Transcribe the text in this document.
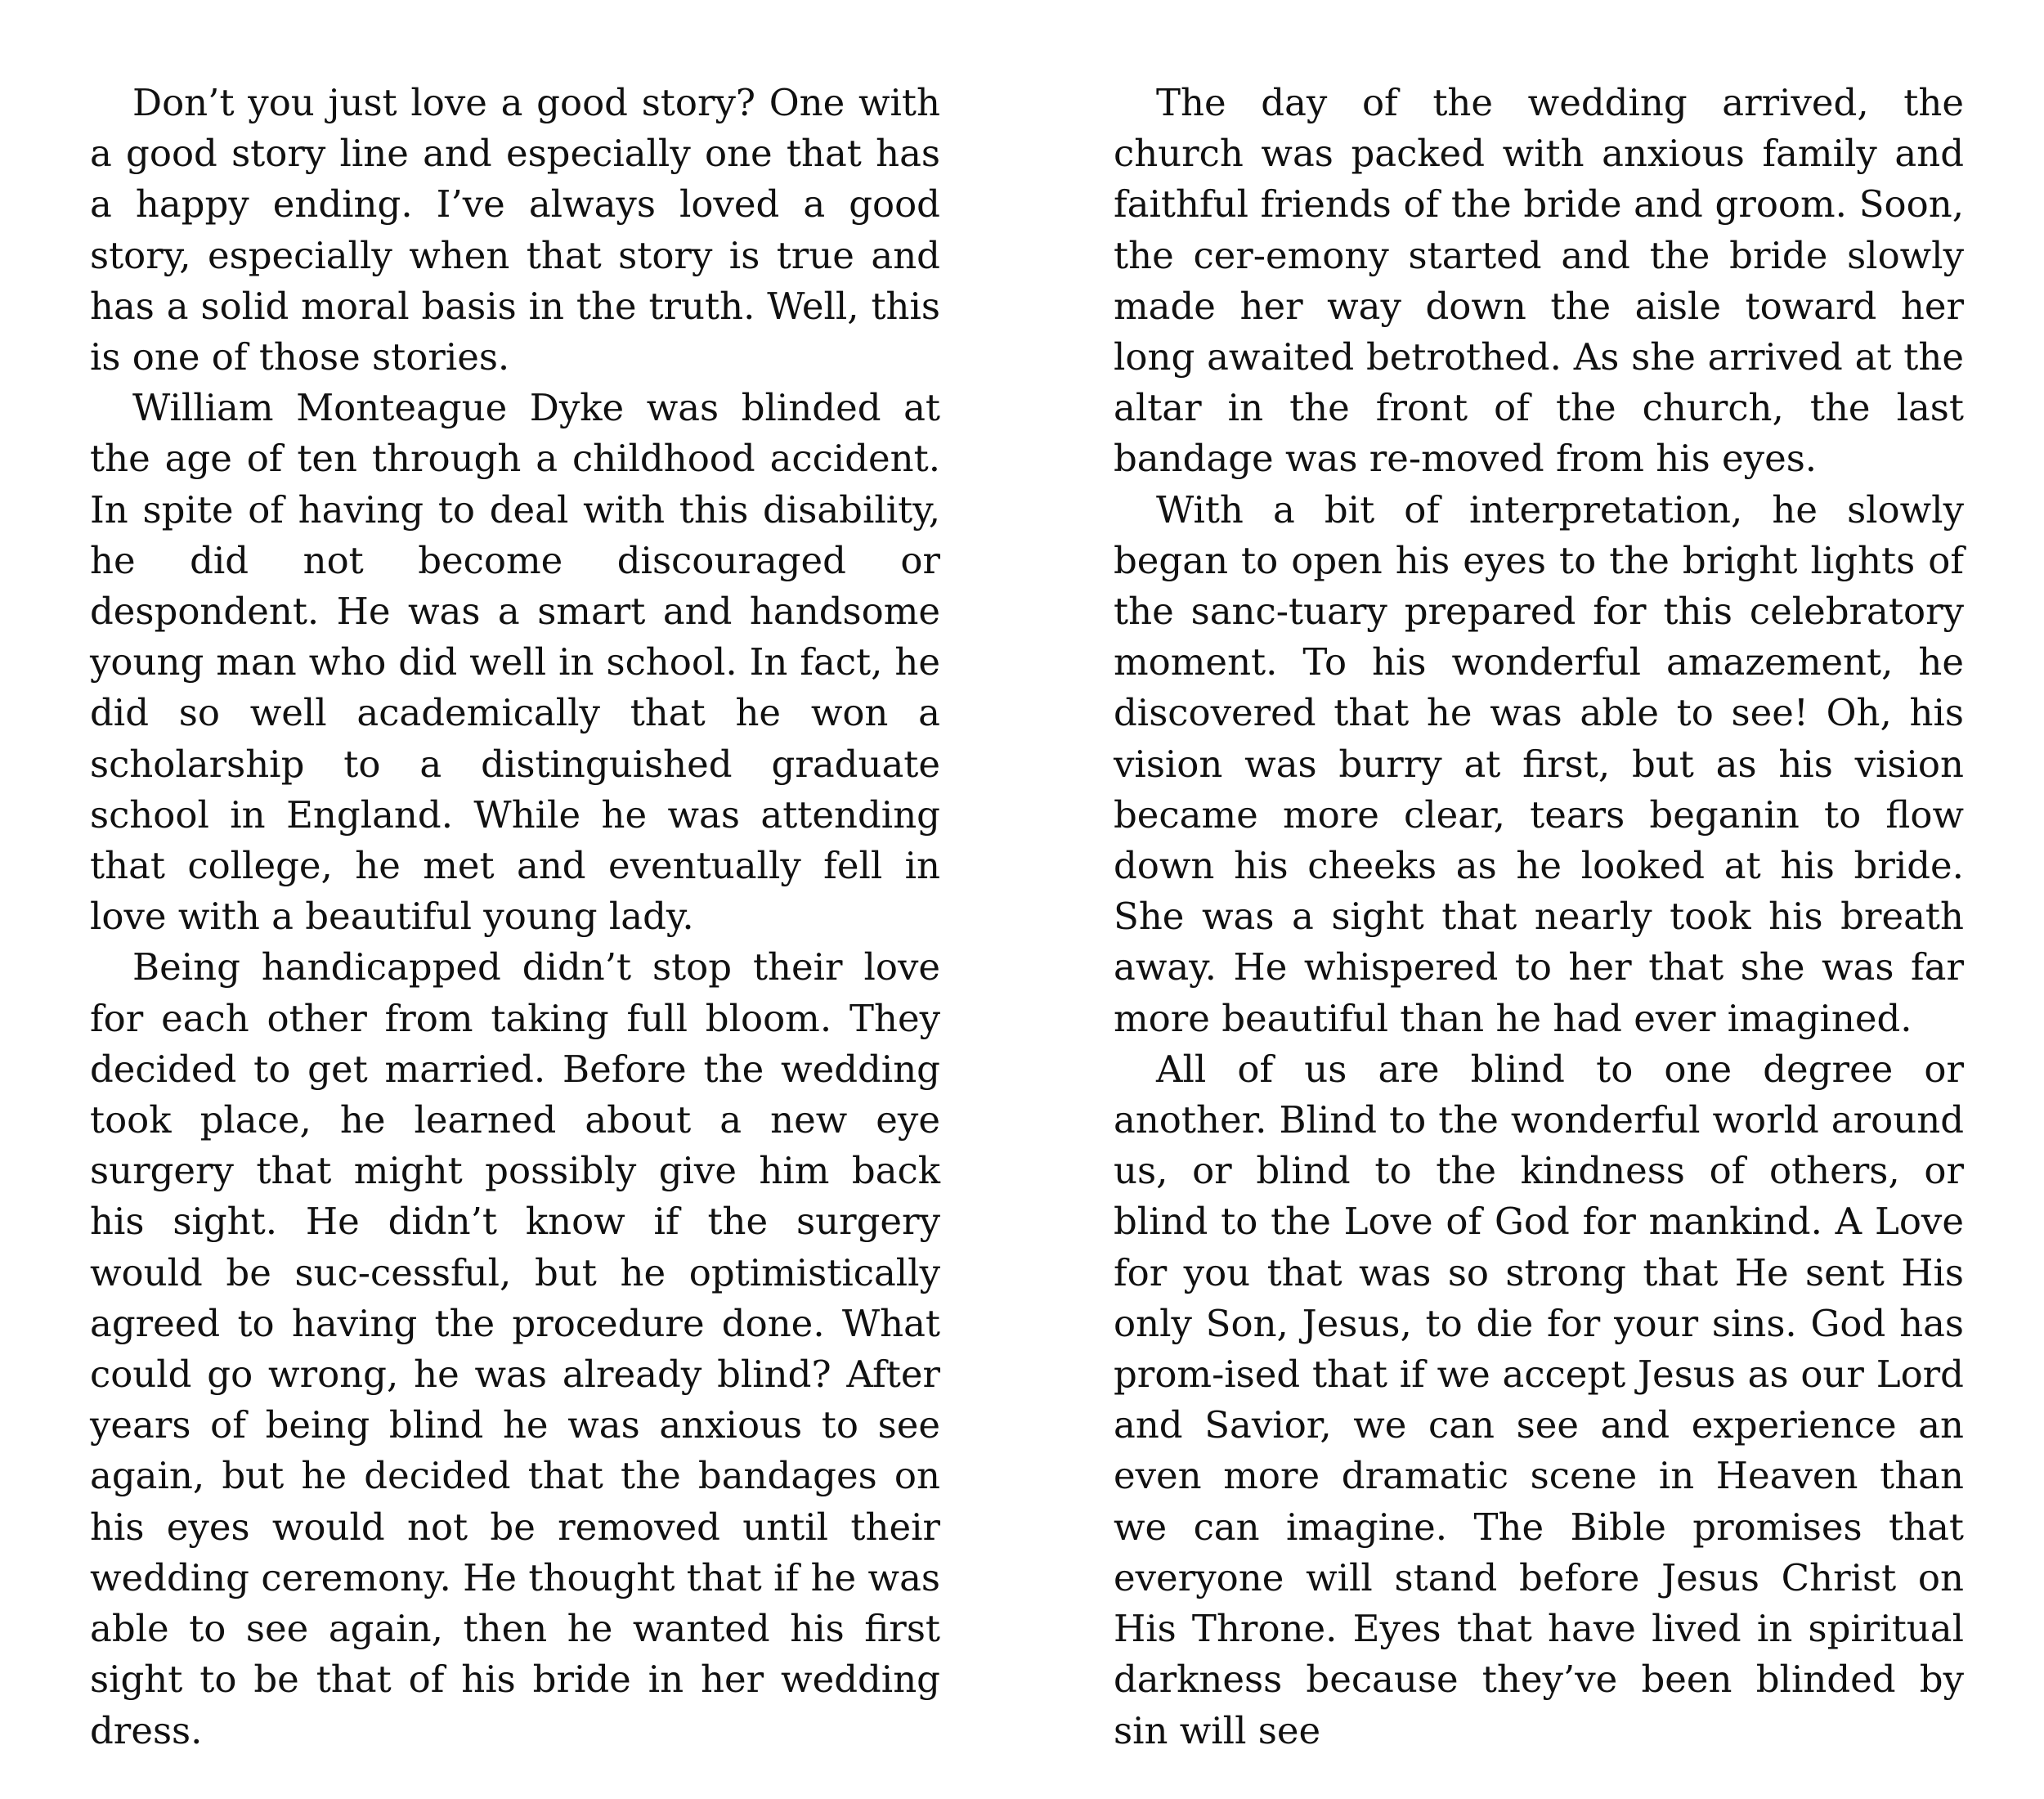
Don’t you just love a good story? One with a good story line and especially one that has a happy ending. I’ve always loved a good story, especially when that story is true and has a solid moral basis in the truth. Well, this is one of those stories.

William Monteague Dyke was blinded at the age of ten through a childhood accident. In spite of having to deal with this disability, he did not become discouraged or despondent. He was a smart and handsome young man who did well in school. In fact, he did so well academically that he won a scholarship to a distinguished graduate school in England. While he was attending that college, he met and eventually fell in love with a beautiful young lady.

Being handicapped didn’t stop their love for each other from taking full bloom. They decided to get married. Before the wedding took place, he learned about a new eye surgery that might possibly give him back his sight. He didn’t know if the surgery would be suc-cessful, but he optimistically agreed to having the procedure done. What could go wrong, he was already blind? After years of being blind he was anxious to see again, but he decided that the bandages on his eyes would not be removed until their wedding ceremony. He thought that if he was able to see again, then he wanted his first sight to be that of his bride in her wedding dress.

The day of the wedding arrived, the church was packed with anxious family and faithful friends of the bride and groom. Soon, the cer-emony started and the bride slowly made her way down the aisle toward her long awaited betrothed. As she arrived at the altar in the front of the church, the last bandage was re-moved from his eyes.

With a bit of interpretation, he slowly began to open his eyes to the bright lights of the sanc-tuary prepared for this celebratory moment. To his wonderful amazement, he discovered that he was able to see! Oh, his vision was burry at first, but as his vision became more clear, tears beganin to flow down his cheeks as he looked at his bride. She was a sight that nearly took his breath away. He whispered to her that she was far more beautiful than he had ever imagined.

All of us are blind to one degree or another. Blind to the wonderful world around us, or blind to the kindness of others, or blind to the Love of God for mankind. A Love for you that was so strong that He sent His only Son, Jesus, to die for your sins. God has prom-ised that if we accept Jesus as our Lord and Savior, we can see and experience an even more dramatic scene in Heaven than we can imagine. The Bible promises that everyone will stand before Jesus Christ on His Throne. Eyes that have lived in spiritual darkness because they’ve been blinded by sin will see
